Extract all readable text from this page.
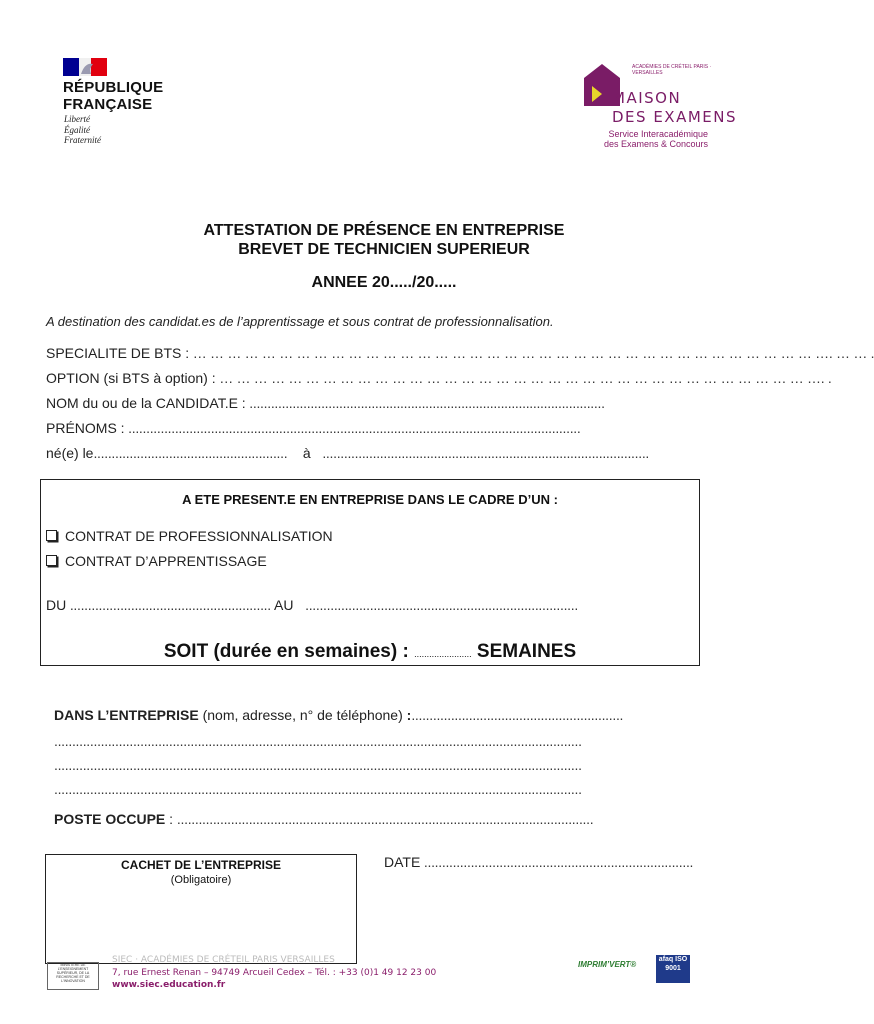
RÉPUBLIQUE
FRANÇAISE
Liberté
Égalité
Fraternité
ACADÉMIES DE CRÉTEIL PARIS · VERSAILLES
MAISON
DES EXAMENS
Service Interacadémique
des Examens & Concours
ATTESTATION DE PRÉSENCE EN ENTREPRISE
BREVET DE TECHNICIEN SUPERIEUR
ANNEE 20...../20.....
A destination des candidat.es de l’apprentissage et sous contrat de professionnalisation.
SPECIALITE DE BTS : … … … … … … … … … … … … … … … … … … … … … … … … … … … … … … … … … … … … …. … … .
OPTION (si BTS à option) : … … … … … … … … … … … … … … … … … … … … … … … … … … … … … … … … … … …. .
NOM du ou de la CANDIDAT.E : ...................................................................................................
PRÉNOMS : ..............................................................................................................................
né(e) le...................................................... à ...........................................................................................
A ETE PRESENT.E EN ENTREPRISE DANS LE CADRE D’UN :
CONTRAT DE PROFESSIONNALISATION
CONTRAT D’APPRENTISSAGE
DU ........................................................ AU ............................................................................
SOIT (durée en semaines) : ....................... SEMAINES
DANS L’ENTREPRISE (nom, adresse, n° de téléphone) :...........................................................
...................................................................................................................................................
...................................................................................................................................................
...................................................................................................................................................
POSTE OCCUPE : ....................................................................................................................
CACHET DE L’ENTREPRISE
(Obligatoire)
DATE ...........................................................................
MINISTÈRE DE L’ENSEIGNEMENT SUPÉRIEUR, DE LA RECHERCHE ET DE L’INNOVATION
SIEC · ACADÉMIES DE CRÉTEIL PARIS VERSAILLES
7, rue Ernest Renan – 94749 Arcueil Cedex – Tél. : +33 (0)1 49 12 23 00
www.siec.education.fr
IMPRIM’VERT®
afaq ISO 9001
